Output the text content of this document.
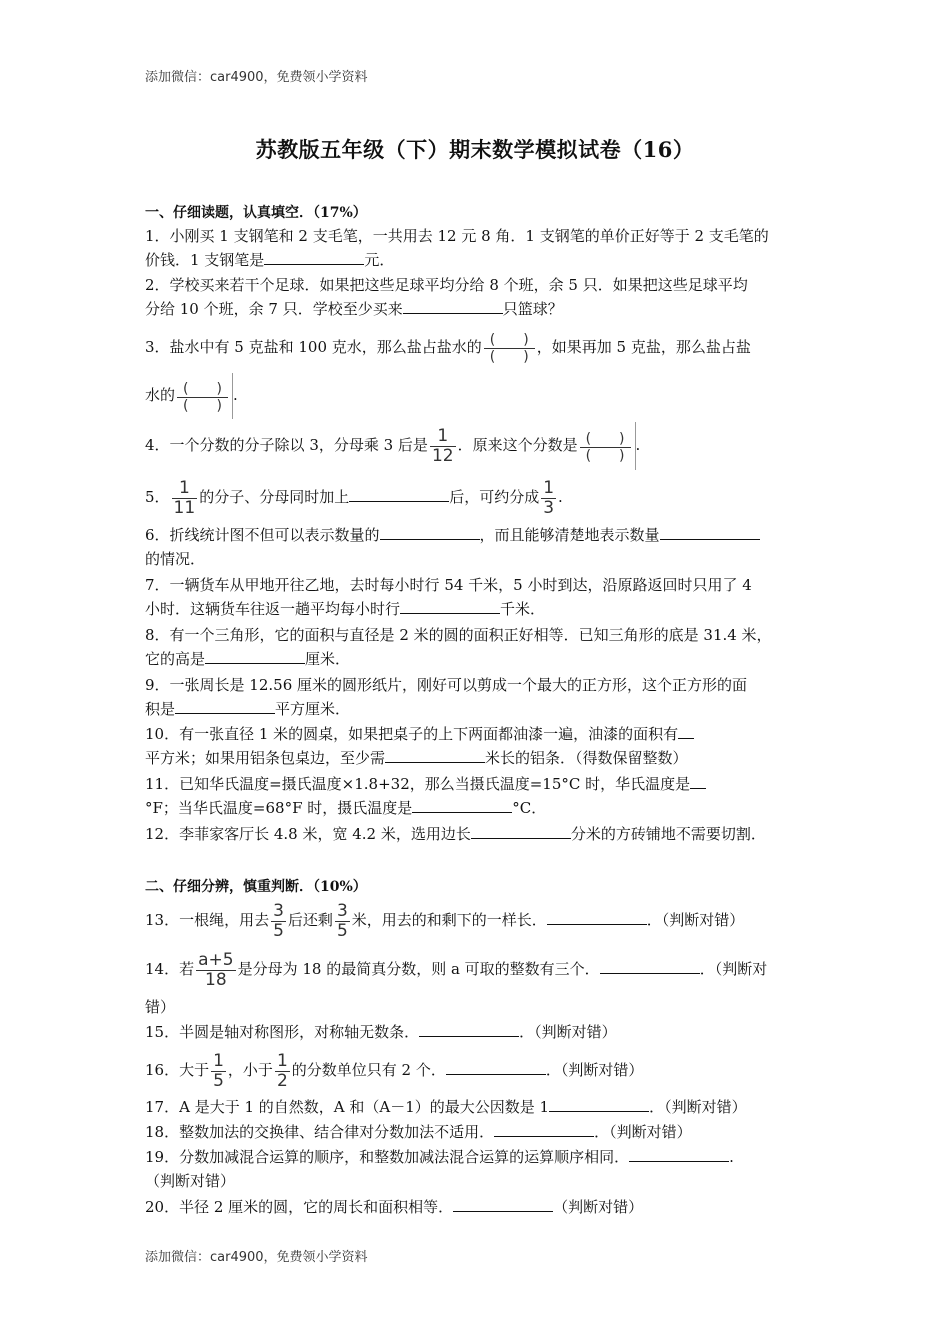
添加微信：car4900，免费领小学资料
苏教版五年级（下）期末数学模拟试卷（16）
一、仔细读题，认真填空．（17%）
1．小刚买 1 支钢笔和 2 支毛笔，一共用去 12 元 8 角．1 支钢笔的单价正好等于 2 支毛笔的
价钱．1 支钢笔是	元．
2．学校买来若干个足球．如果把这些足球平均分给 8 个班，余 5 只．如果把这些足球平均
分给 10 个班，余 7 只．学校至少买来	只篮球？
3．盐水中有 5 克盐和 100 克水，那么盐占盐水的 $\frac{( )}{( )}$ ，如果再加 5 克盐，那么盐占盐
水的 $\frac{( )}{( )}$ .
4．一个分数的分子除以 3，分母乘 3 后是 $\frac{1}{12}$ ．原来这个分数是 $\frac{( )}{( )}$ .
5． $\frac{1}{11}$ 的分子、分母同时加上	后，可约分成 $\frac{1}{3}$ .
6．折线统计图不但可以表示数量的	，而且能够清楚地表示数量
的情况．
7．一辆货车从甲地开往乙地，去时每小时行 54 千米，5 小时到达，沿原路返回时只用了 4
小时．这辆货车往返一趟平均每小时行	千米．
8．有一个三角形，它的面积与直径是 2 米的圆的面积正好相等．已知三角形的底是 31.4 米，
它的高是	厘米．
9．一张周长是 12.56 厘米的圆形纸片，刚好可以剪成一个最大的正方形，这个正方形的面
积是	平方厘米．
10．有一张直径 1 米的圆桌，如果把桌子的上下两面都油漆一遍，油漆的面积有
平方米；如果用铝条包桌边，至少需	米长的铝条．（得数保留整数）
11．已知华氏温度=摄氏温度×1.8+32，那么当摄氏温度=15°C 时，华氏温度是
°F；当华氏温度=68°F 时，摄氏温度是	°C．
12．李菲家客厅长 4.8 米，宽 4.2 米，选用边长	分米的方砖铺地不需要切割．
二、仔细分辨，慎重判断．（10%）
13．一根绳，用去 $\frac{3}{5}$ 后还剩 $\frac{3}{5}$ 米，用去的和剩下的一样长．	．（判断对错）
14．若 $\frac{a+5}{18}$ 是分母为 18 的最简真分数，则 a 可取的整数有三个．	．（判断对
错）
15．半圆是轴对称图形，对称轴无数条．	．（判断对错）
16．大于 $\frac{1}{5}$ ，小于 $\frac{1}{2}$ 的分数单位只有 2 个．	．（判断对错）
17．A 是大于 1 的自然数，A 和（A－1）的最大公因数是 1	．（判断对错）
18．整数加法的交换律、结合律对分数加法不适用．	．（判断对错）
19．分数加减混合运算的顺序，和整数加减法混合运算的运算顺序相同．	.
（判断对错）
20．半径 2 厘米的圆，它的周长和面积相等．	（判断对错）
添加微信：car4900，免费领小学资料
